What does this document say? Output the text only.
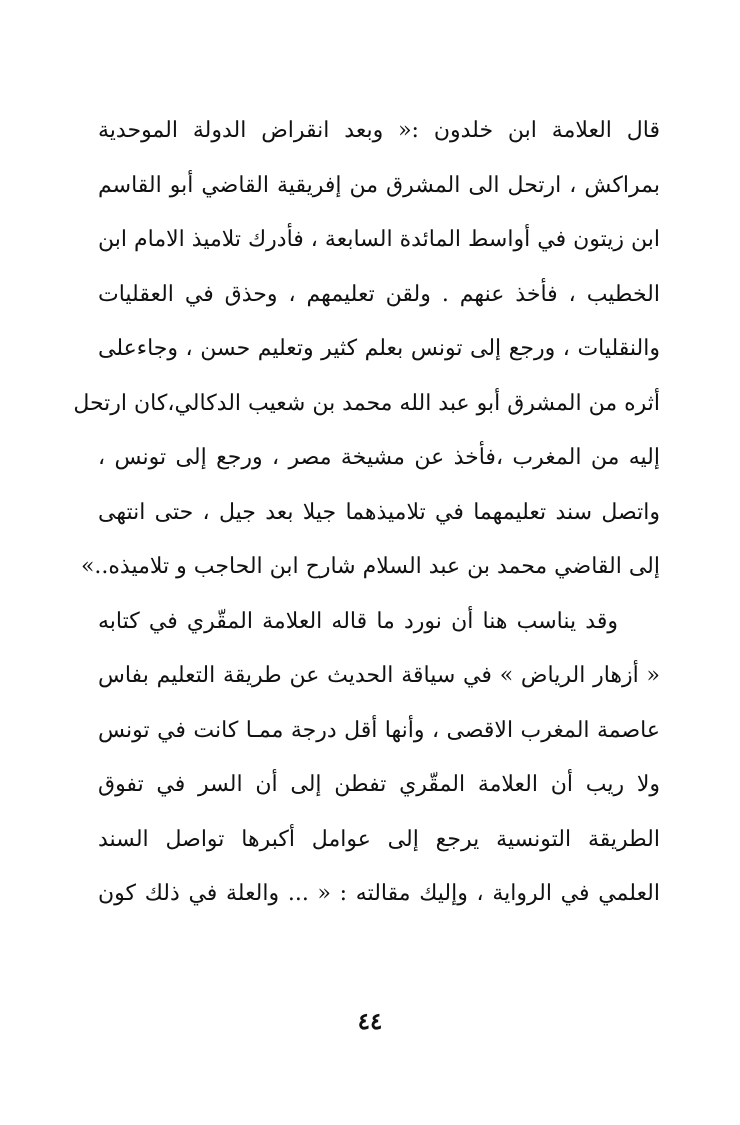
قال العلامة ابن خلدون :« وبعد انقراض الدولة الموحدية
بمراكش ، ارتحل الى المشرق من إفريقية القاضي أبو القاسم
ابن زيتون في أواسط المائدة السابعة ، فأدرك تلاميذ الامام ابن
الخطيب ، فأخذ عنهم . ولقن تعليمهم ، وحذق في العقليات
والنقليات ، ورجع إلى تونس بعلم كثير وتعليم حسن ، وجاءعلى
أثره من المشرق أبو عبد الله محمد بن شعيب الدكالي،كان ارتحل
إليه من المغرب ،فأخذ عن مشيخة مصر ، ورجع إلى تونس ،
واتصل سند تعليمهما في تلاميذهما جيلا بعد جيل ، حتى انتهى
إلى القاضي محمد بن عبد السلام شارح ابن الحاجب و تلاميذه..»
وقد يناسب هنا أن نورد ما قاله العلامة المقّري في كتابه
« أزهار الرياض » في سياقة الحديث عن طريقة التعليم بفاس
عاصمة المغرب الاقصى ، وأنها أقل درجة ممـا كانت في تونس
ولا ريب أن العلامة المقّري تفطن إلى أن السر في تفوق
الطريقة التونسية يرجع إلى عوامل أكبرها تواصل السند
العلمي في الرواية ، وإليك مقالته : « ... والعلة في ذلك كون
٤٤
